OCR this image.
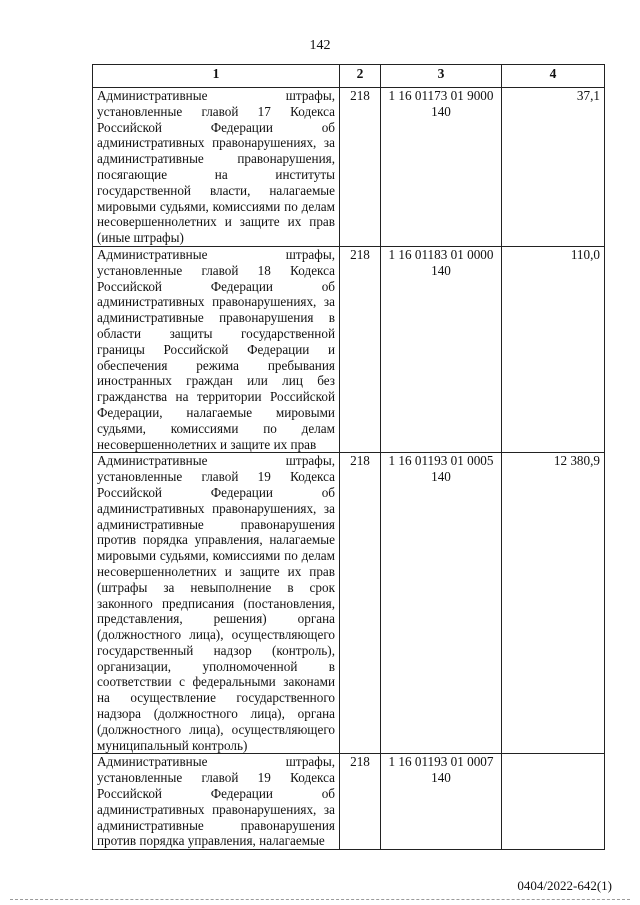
142
1	2	3	4
Административные штрафы, установленные главой 17 Кодекса Российской Федерации об административных правонарушениях, за административные правонарушения, посягающие на институты государственной власти, налагаемые мировыми судьями, комиссиями по делам несовершеннолетних и защите их прав (иные штрафы)	218	1 16 01173 01 9000 140	37,1
Административные штрафы, установленные главой 18 Кодекса Российской Федерации об административных правонарушениях, за административные правонарушения в области защиты государственной границы Российской Федерации и обеспечения режима пребывания иностранных граждан или лиц без гражданства на территории Российской Федерации, налагаемые мировыми судьями, комиссиями по делам несовершеннолетних и защите их прав	218	1 16 01183 01 0000 140	110,0
Административные штрафы, установленные главой 19 Кодекса Российской Федерации об административных правонарушениях, за административные правонарушения против порядка управления, налагаемые мировыми судьями, комиссиями по делам несовершеннолетних и защите их прав (штрафы за невыполнение в срок законного предписания (постановления, представления, решения) органа (должностного лица), осуществляющего государственный надзор (контроль), организации, уполномоченной в соответствии с федеральными законами на осуществление государственного надзора (должностного лица), органа (должностного лица), осуществляющего муниципальный контроль)	218	1 16 01193 01 0005 140	12 380,9
Административные штрафы, установленные главой 19 Кодекса Российской Федерации об административных правонарушениях, за административные правонарушения против порядка управления, налагаемые	218	1 16 01193 01 0007 140	
0404/2022-642(1)
